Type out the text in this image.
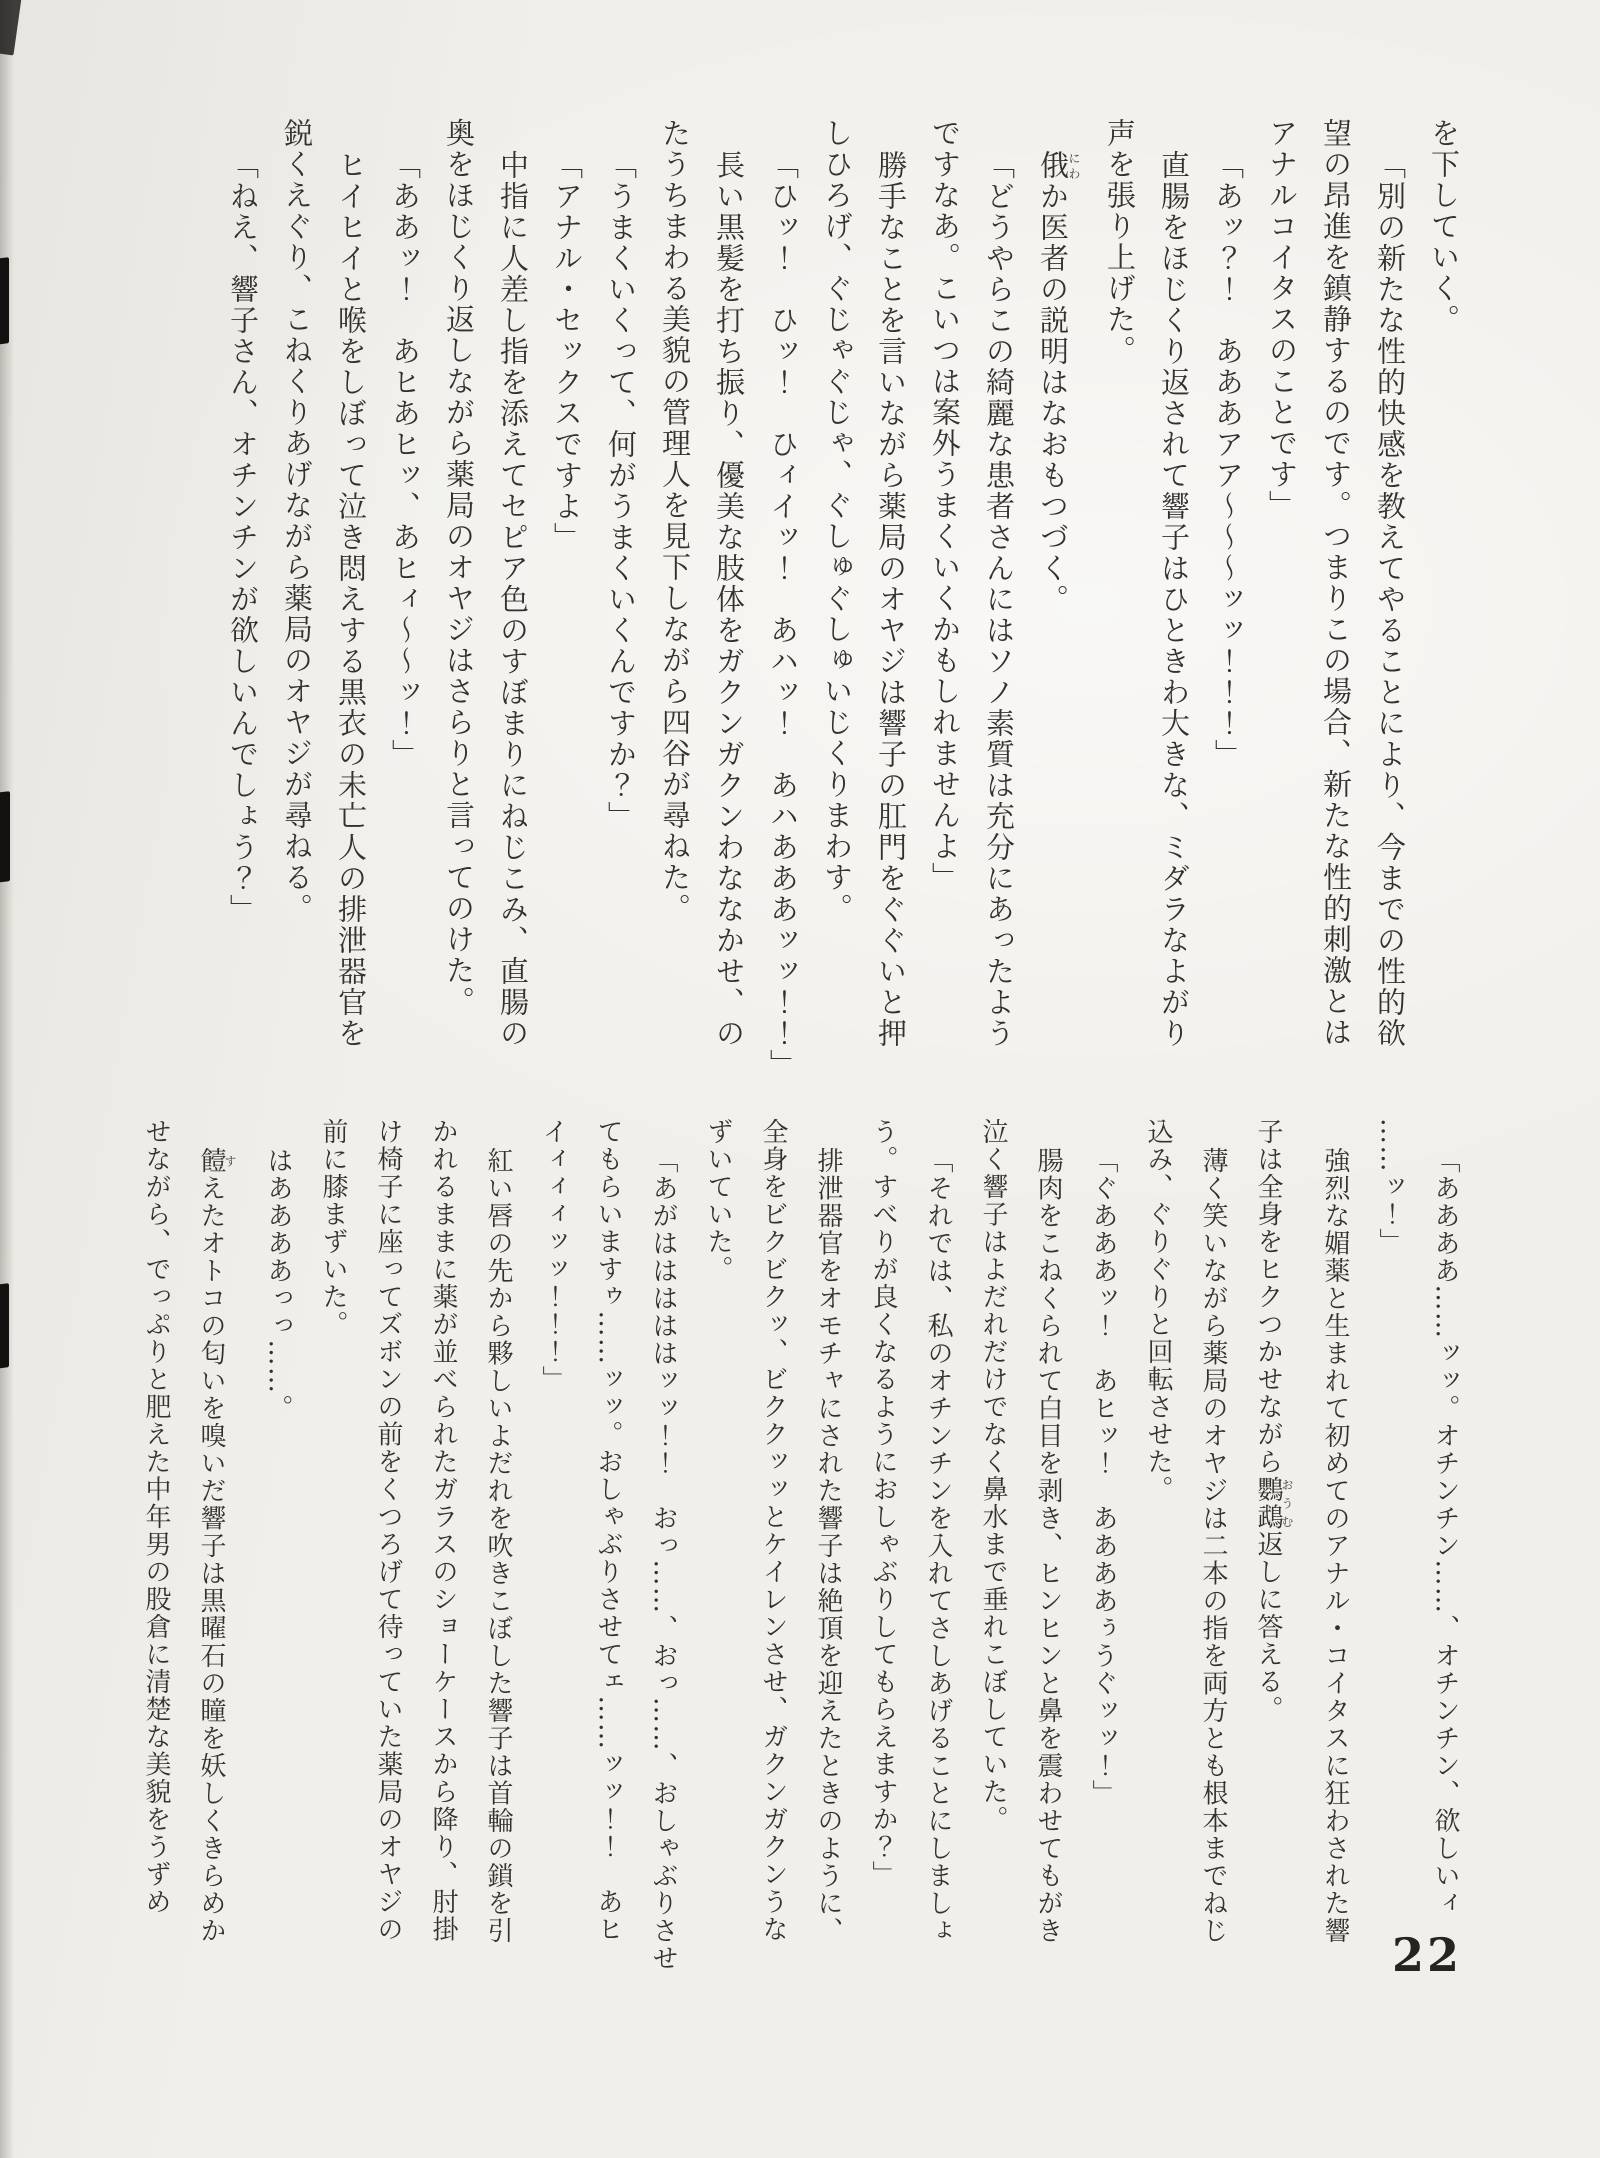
を下していく。

「別の新たな性的快感を教えてやることにより、今までの性的欲

望の昂進を鎮静するのです。つまりこの場合、新たな性的刺激とは

アナルコイタスのことです」

「あッ？！　あああアア～～～ッッ！！！」

直腸をほじくり返されて響子はひときわ大きな、ミダラなよがり

声を張り上げた。

俄にわか医者の説明はなおもつづく。

「どうやらこの綺麗な患者さんにはソノ素質は充分にあったよう

ですなあ。こいつは案外うまくいくかもしれませんよ」

勝手なことを言いながら薬局のオヤジは響子の肛門をぐぐいと押

しひろげ、ぐじゃぐじゃ、ぐしゅぐしゅいじくりまわす。

「ひッ！　ひッ！　ひィイッ！　あハッ！　あハあああッッ！！」

長い黒髪を打ち振り、優美な肢体をガクンガクンわななかせ、の

たうちまわる美貌の管理人を見下しながら四谷が尋ねた。

「うまくいくって、何がうまくいくんですか？」

「アナル・セックスですよ」

中指に人差し指を添えてセピア色のすぼまりにねじこみ、直腸の

奥をほじくり返しながら薬局のオヤジはさらりと言ってのけた。

「ああッ！　あヒあヒッ、あヒィ～～ッ！」

ヒイヒイと喉をしぼって泣き悶えする黒衣の未亡人の排泄器官を

鋭くえぐり、こねくりあげながら薬局のオヤジが尋ねる。

「ねえ、響子さん、オチンチンが欲しいんでしょう？」

「ああああ……ッッ。オチンチン……、オチンチン、欲しいィ

……ッ！」

強烈な媚薬と生まれて初めてのアナル・コイタスに狂わされた響

子は全身をヒクつかせながら鸚鵡おうむ返しに答える。

薄く笑いながら薬局のオヤジは二本の指を両方とも根本までねじ

込み、ぐりぐりと回転させた。

「ぐあああッ！　あヒッ！　ああああぅうぐッッ！」

腸肉をこねくられて白目を剥き、ヒンヒンと鼻を震わせてもがき

泣く響子はよだれだけでなく鼻水まで垂れこぼしていた。

「それでは、私のオチンチンを入れてさしあげることにしましょ

う。すべりが良くなるようにおしゃぶりしてもらえますか？」

排泄器官をオモチャにされた響子は絶頂を迎えたときのように、

全身をビクビクッ、ビククッッとケイレンさせ、ガクンガクンうな

ずいていた。

「あがはははははッッ！！　おっ……、おっ……、おしゃぶりさせ

てもらいますゥ……ッッ。おしゃぶりさせてェ……ッッ！！　あヒ

イィィィッッ！！！」

紅い唇の先から夥しいよだれを吹きこぼした響子は首輪の鎖を引

かれるままに薬が並べられたガラスのショーケースから降り、肘掛

け椅子に座ってズボンの前をくつろげて待っていた薬局のオヤジの

前に膝まずいた。

はああああっっ……。

饐すえたオトコの匂いを嗅いだ響子は黒曜石の瞳を妖しくきらめか

せながら、でっぷりと肥えた中年男の股倉に清楚な美貌をうずめ

22
